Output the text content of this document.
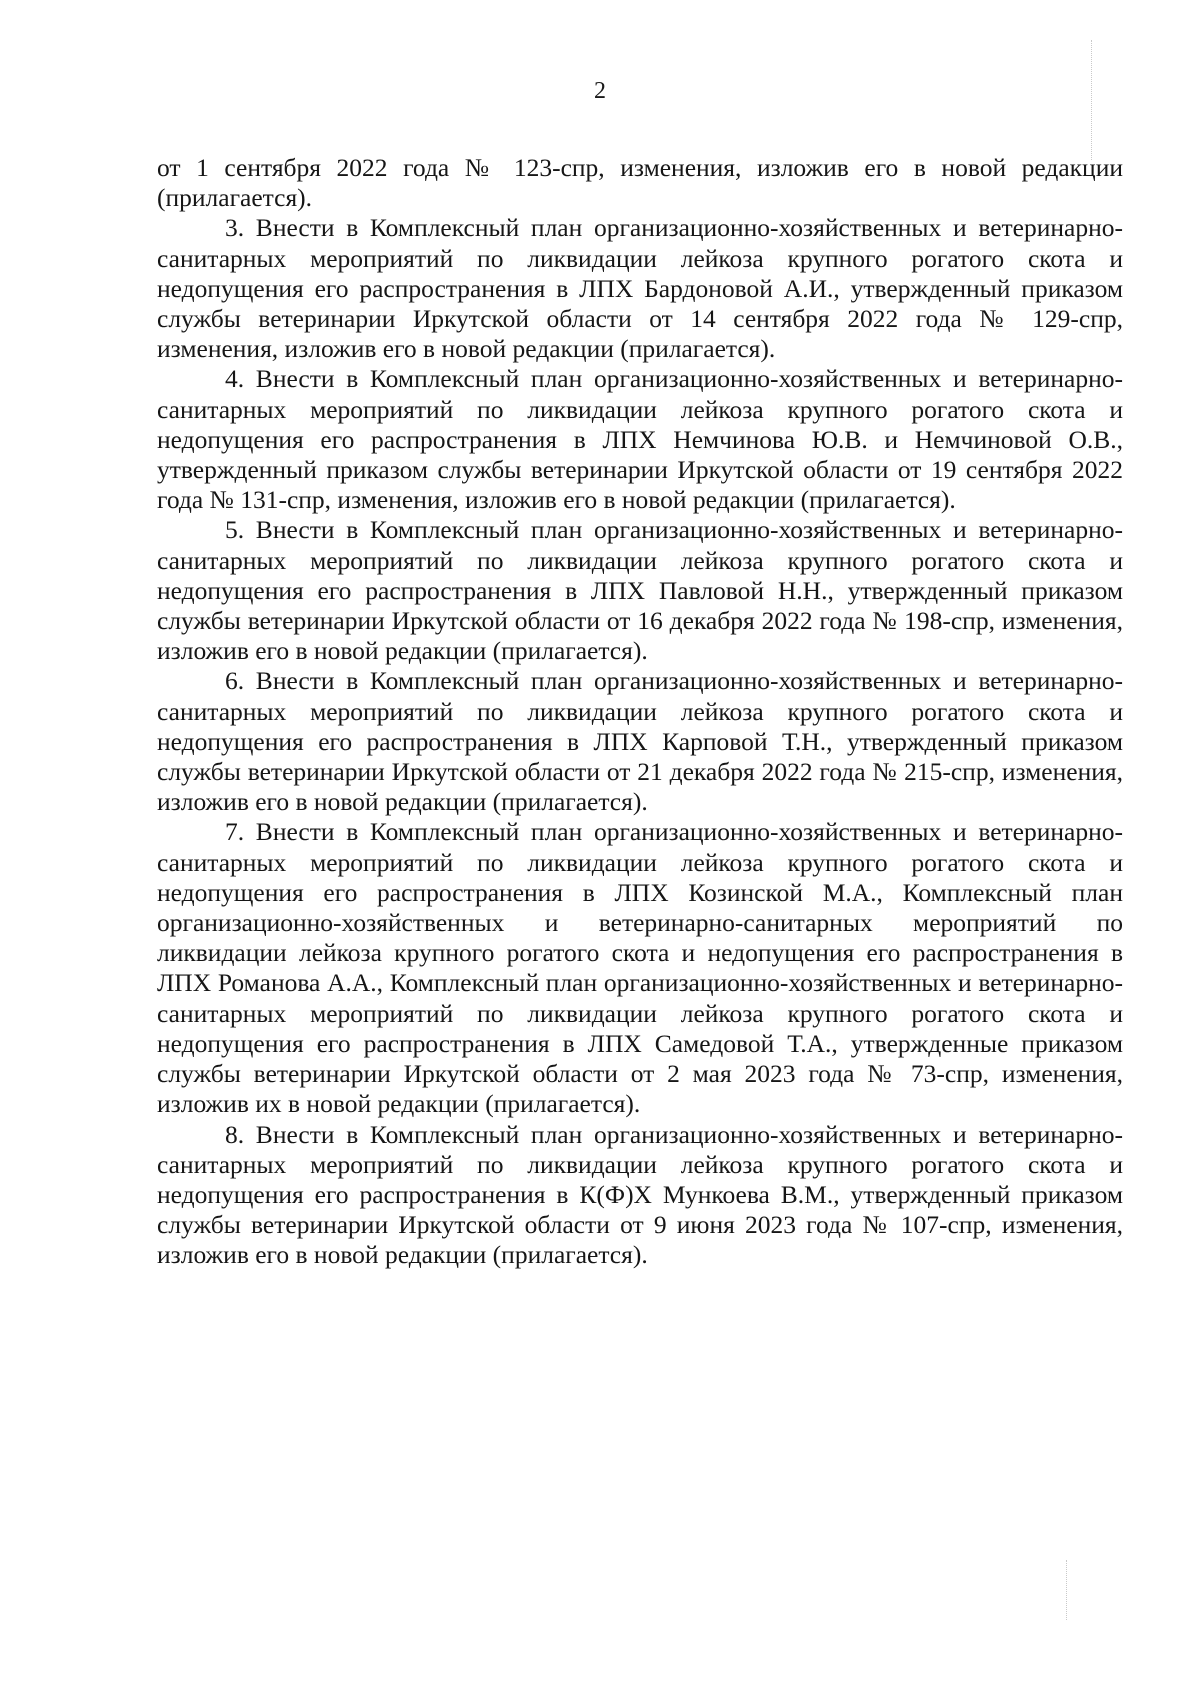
2

от 1 сентября 2022 года № 123-спр, изменения, изложив его в новой редакции (прилагается).

3. Внести в Комплексный план организационно-хозяйственных и ветеринарно-санитарных мероприятий по ликвидации лейкоза крупного рогатого скота и недопущения его распространения в ЛПХ Бардоновой А.И., утвержденный приказом службы ветеринарии Иркутской области от 14 сентября 2022 года № 129-спр, изменения, изложив его в новой редакции (прилагается).

4. Внести в Комплексный план организационно-хозяйственных и ветеринарно-санитарных мероприятий по ликвидации лейкоза крупного рогатого скота и недопущения его распространения в ЛПХ Немчинова Ю.В. и Немчиновой О.В., утвержденный приказом службы ветеринарии Иркутской области от 19 сентября 2022 года № 131-спр, изменения, изложив его в новой редакции (прилагается).

5. Внести в Комплексный план организационно-хозяйственных и ветеринарно-санитарных мероприятий по ликвидации лейкоза крупного рогатого скота и недопущения его распространения в ЛПХ Павловой Н.Н., утвержденный приказом службы ветеринарии Иркутской области от 16 декабря 2022 года № 198-спр, изменения, изложив его в новой редакции (прилагается).

6. Внести в Комплексный план организационно-хозяйственных и ветеринарно-санитарных мероприятий по ликвидации лейкоза крупного рогатого скота и недопущения его распространения в ЛПХ Карповой Т.Н., утвержденный приказом службы ветеринарии Иркутской области от 21 декабря 2022 года № 215-спр, изменения, изложив его в новой редакции (прилагается).

7. Внести в Комплексный план организационно-хозяйственных и ветеринарно-санитарных мероприятий по ликвидации лейкоза крупного рогатого скота и недопущения его распространения в ЛПХ Козинской М.А., Комплексный план организационно-хозяйственных и ветеринарно-санитарных мероприятий по ликвидации лейкоза крупного рогатого скота и недопущения его распространения в ЛПХ Романова А.А., Комплексный план организационно-хозяйственных и ветеринарно-санитарных мероприятий по ликвидации лейкоза крупного рогатого скота и недопущения его распространения в ЛПХ Самедовой Т.А., утвержденные приказом службы ветеринарии Иркутской области от 2 мая 2023 года № 73-спр, изменения, изложив их в новой редакции (прилагается).

8. Внести в Комплексный план организационно-хозяйственных и ветеринарно-санитарных мероприятий по ликвидации лейкоза крупного рогатого скота и недопущения его распространения в К(Ф)Х Мункоева В.М., утвержденный приказом службы ветеринарии Иркутской области от 9 июня 2023 года № 107-спр, изменения, изложив его в новой редакции (прилагается).
